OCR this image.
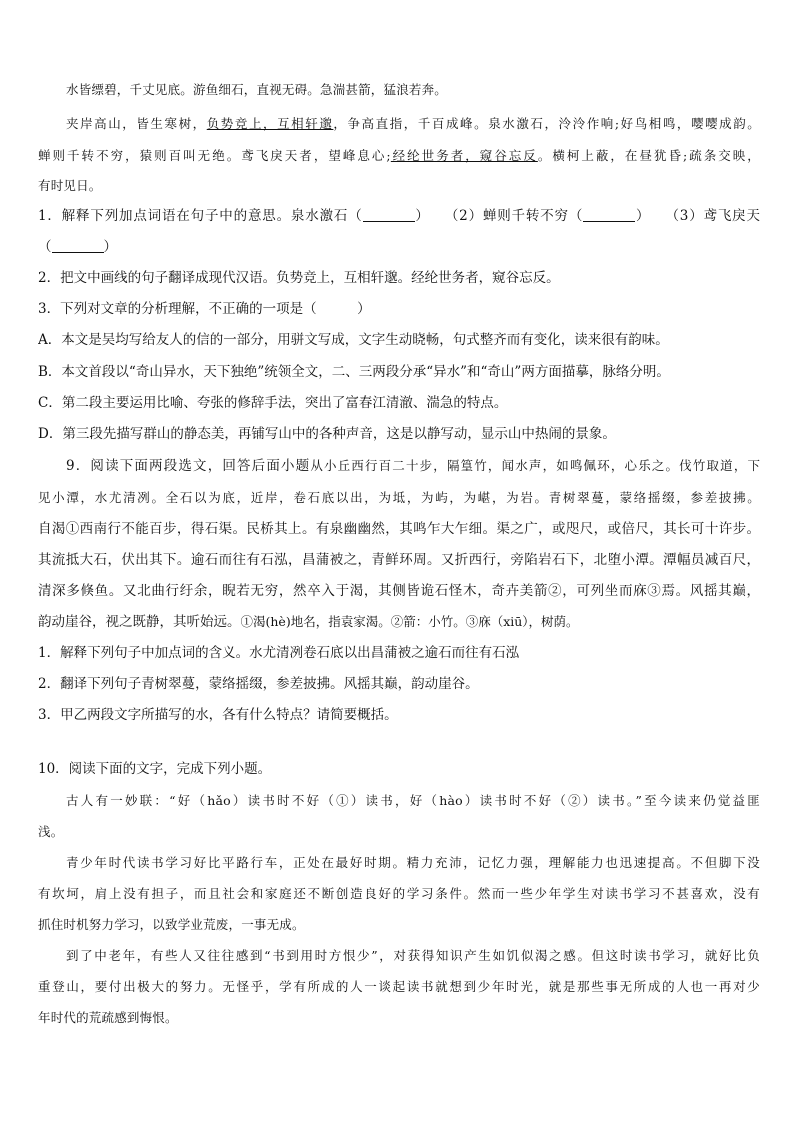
水皆缥碧，千丈见底。游鱼细石，直视无碍。急湍甚箭，猛浪若奔。
夹岸高山，皆生寒树，负势竞上，互相轩邈，争高直指，千百成峰。泉水激石，泠泠作响;好鸟相鸣，嘤嘤成韵。
蝉则千转不穷，猿则百叫无绝。鸢飞戾天者，望峰息心;经纶世务者，窥谷忘反。横柯上蔽，在昼犹昏;疏条交映，
有时见日。
1．解释下列加点词语在句子中的意思。泉水激石（	）　　（2）蝉则千转不穷（	）　　（3）鸢飞戾天
（	）
2．把文中画线的句子翻译成现代汉语。负势竞上，互相轩邈。经纶世务者，窥谷忘反。
3．下列对文章的分析理解，不正确的一项是（　　　）
A．本文是吴均写给友人的信的一部分，用骈文写成，文字生动晓畅，句式整齐而有变化，读来很有韵味。
B．本文首段以“奇山异水，天下独绝”统领全文，二、三两段分承“异水”和“奇山”两方面描摹，脉络分明。
C．第二段主要运用比喻、夸张的修辞手法，突出了富春江清澈、湍急的特点。
D．第三段先描写群山的静态美，再铺写山中的各种声音，这是以静写动，显示山中热闹的景象。
9．阅读下面两段选文，回答后面小题从小丘西行百二十步，隔篁竹，闻水声，如鸣佩环，心乐之。伐竹取道，下
见小潭，水尤清冽。全石以为底，近岸，卷石底以出，为坻，为屿，为嵁，为岩。青树翠蔓，蒙络摇缀，参差披拂。
自渴①西南行不能百步，得石渠。民桥其上。有泉幽幽然，其鸣乍大乍细。渠之广，或咫尺，或倍尺，其长可十许步。
其流抵大石，伏出其下。逾石而往有石泓，昌蒲被之，青鲜环周。又折西行，旁陷岩石下，北堕小潭。潭幅员减百尺，
清深多倏鱼。又北曲行纡余，睨若无穷，然卒入于渴，其侧皆诡石怪木，奇卉美箭②，可列坐而庥③焉。风摇其巅，
韵动崖谷，视之既静，其听始远。①渴(hè)地名，指袁家渴。②箭：小竹。③庥（xiū），树荫。
1．解释下列句子中加点词的含义。水尤清冽卷石底以出昌蒲被之逾石而往有石泓
2．翻译下列句子青树翠蔓，蒙络摇缀，参差披拂。风摇其巅，韵动崖谷。
3．甲乙两段文字所描写的水，各有什么特点？请简要概括。
10．阅读下面的文字，完成下列小题。
古人有一妙联：“好（hǎo）读书时不好（①）读书，好（hào）读书时不好（②）读书。”至今读来仍觉益匪
浅。
青少年时代读书学习好比平路行车，正处在最好时期。精力充沛，记忆力强，理解能力也迅速提高。不但脚下没
有坎坷，肩上没有担子，而且社会和家庭还不断创造良好的学习条件。然而一些少年学生对读书学习不甚喜欢，没有
抓住时机努力学习，以致学业荒废，一事无成。
到了中老年，有些人又往往感到“书到用时方恨少”，对获得知识产生如饥似渴之感。但这时读书学习，就好比负
重登山，要付出极大的努力。无怪乎，学有所成的人一谈起读书就想到少年时光，就是那些事无所成的人也一再对少
年时代的荒疏感到悔恨。
